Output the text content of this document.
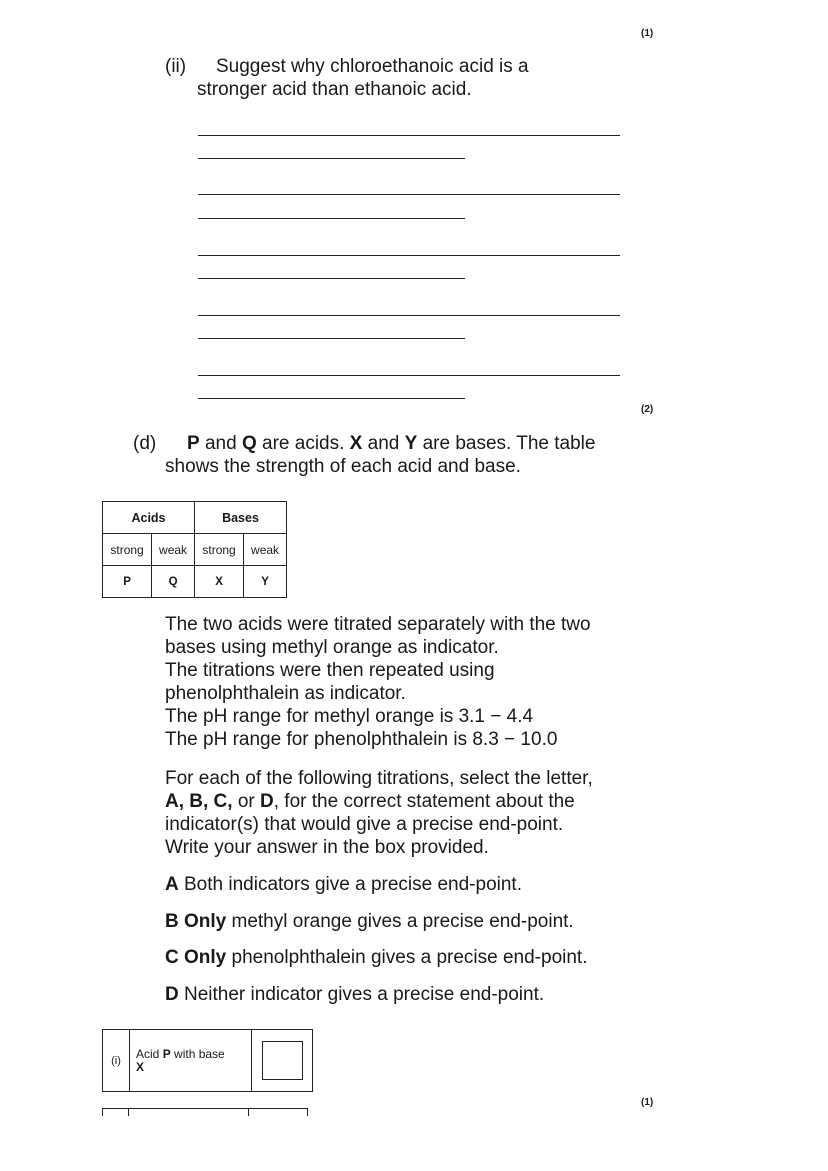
(1)
(2)
(1)
(ii) Suggest why chloroethanoic acid is a
stronger acid than ethanoic acid.
(d) P and Q are acids. X and Y are bases. The table
shows the strength of each acid and base.
Acids		Bases	
strong	weak	strong	weak
P	Q	X	Y
The two acids were titrated separately with the two
bases using methyl orange as indicator.
The titrations were then repeated using
phenolphthalein as indicator.
The pH range for methyl orange is 3.1 − 4.4
The pH range for phenolphthalein is 8.3 − 10.0
For each of the following titrations, select the letter,
A, B, C, or D, for the correct statement about the
indicator(s) that would give a precise end-point.
Write your answer in the box provided.
A Both indicators give a precise end-point.
B Only methyl orange gives a precise end-point.
C Only phenolphthalein gives a precise end-point.
D Neither indicator gives a precise end-point.
(i)	Acid P with base
X	
